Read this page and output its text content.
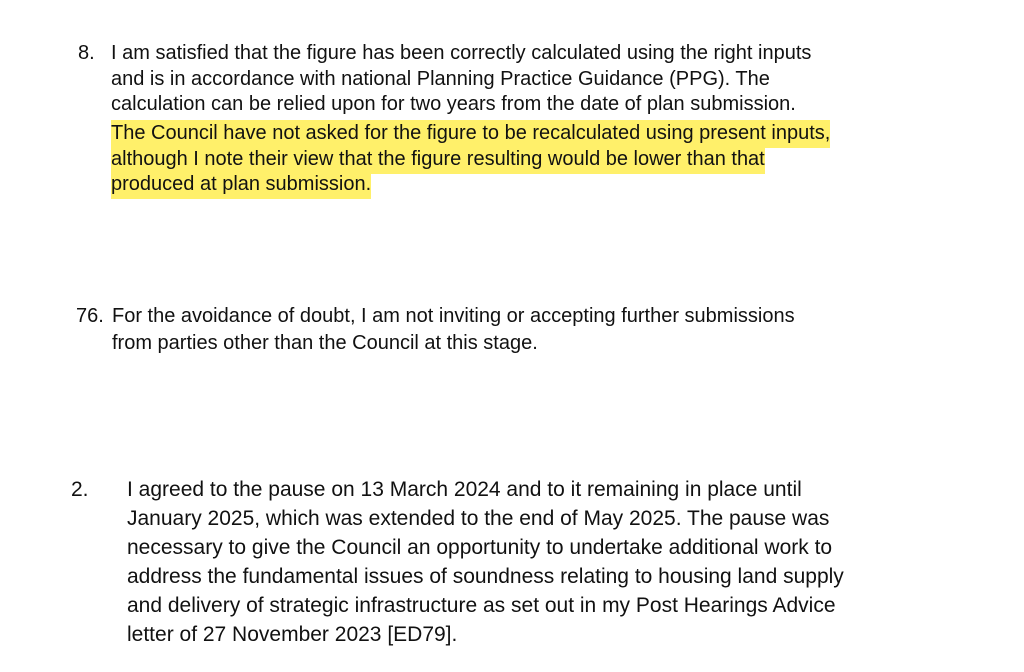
8. I am satisfied that the figure has been correctly calculated using the right inputs
and is in accordance with national Planning Practice Guidance (PPG). The
calculation can be relied upon for two years from the date of plan submission.
The Council have not asked for the figure to be recalculated using present inputs,
although I note their view that the figure resulting would be lower than that
produced at plan submission.
76. For the avoidance of doubt, I am not inviting or accepting further submissions
from parties other than the Council at this stage.
2. I agreed to the pause on 13 March 2024 and to it remaining in place until
January 2025, which was extended to the end of May 2025. The pause was
necessary to give the Council an opportunity to undertake additional work to
address the fundamental issues of soundness relating to housing land supply
and delivery of strategic infrastructure as set out in my Post Hearings Advice
letter of 27 November 2023 [ED79].
